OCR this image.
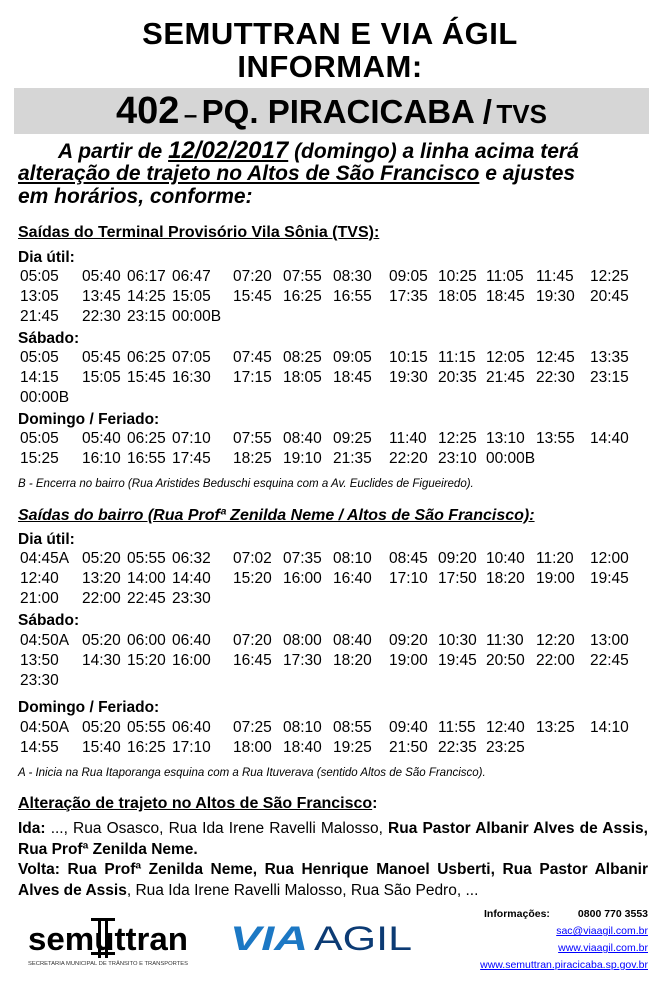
SEMUTTRAN E VIA ÁGIL
INFORMAM:
402 – PQ. PIRACICABA / TVS
A partir de 12/02/2017 (domingo) a linha acima terá
alteração de trajeto no Altos de São Francisco e ajustes
em horários, conforme:
Saídas do Terminal Provisório Vila Sônia (TVS):
Dia útil:
05:05 05:40 06:17 06:47 07:20 07:55 08:30 09:05 10:25 11:05 11:45 12:25
13:05 13:45 14:25 15:05 15:45 16:25 16:55 17:35 18:05 18:45 19:30 20:45
21:45 22:30 23:15 00:00B
Sábado:
05:05 05:45 06:25 07:05 07:45 08:25 09:05 10:15 11:15 12:05 12:45 13:35
14:15 15:05 15:45 16:30 17:15 18:05 18:45 19:30 20:35 21:45 22:30 23:15
00:00B
Domingo / Feriado:
05:05 05:40 06:25 07:10 07:55 08:40 09:25 11:40 12:25 13:10 13:55 14:40
15:25 16:10 16:55 17:45 18:25 19:10 21:35 22:20 23:10 00:00B
B - Encerra no bairro (Rua Aristides Beduschi esquina com a Av. Euclides de Figueiredo).
Saídas do bairro (Rua Profª Zenilda Neme / Altos de São Francisco):
Dia útil:
04:45A 05:20 05:55 06:32 07:02 07:35 08:10 08:45 09:20 10:40 11:20 12:00
12:40 13:20 14:00 14:40 15:20 16:00 16:40 17:10 17:50 18:20 19:00 19:45
21:00 22:00 22:45 23:30
Sábado:
04:50A 05:20 06:00 06:40 07:20 08:00 08:40 09:20 10:30 11:30 12:20 13:00
13:50 14:30 15:20 16:00 16:45 17:30 18:20 19:00 19:45 20:50 22:00 22:45
23:30
Domingo / Feriado:
04:50A 05:20 05:55 06:40 07:25 08:10 08:55 09:40 11:55 12:40 13:25 14:10
14:55 15:40 16:25 17:10 18:00 18:40 19:25 21:50 22:35 23:25
A - Inicia na Rua Itaporanga esquina com a Rua Ituverava (sentido Altos de São Francisco).
Alteração de trajeto no Altos de São Francisco:
Ida: ..., Rua Osasco, Rua Ida Irene Ravelli Malosso, Rua Pastor Albanir Alves de Assis, Rua Profª Zenilda Neme.
Volta: Rua Profª Zenilda Neme, Rua Henrique Manoel Usberti, Rua Pastor Albanir Alves de Assis, Rua Ida Irene Ravelli Malosso, Rua São Pedro, ...
semuttran
SECRETARIA MUNICIPAL DE TRÂNSITO E TRANSPORTES
VIA AGIL
Informações:	0800 770 3553
sac@viaagil.com.br
www.viaagil.com.br
www.semuttran.piracicaba.sp.gov.br
